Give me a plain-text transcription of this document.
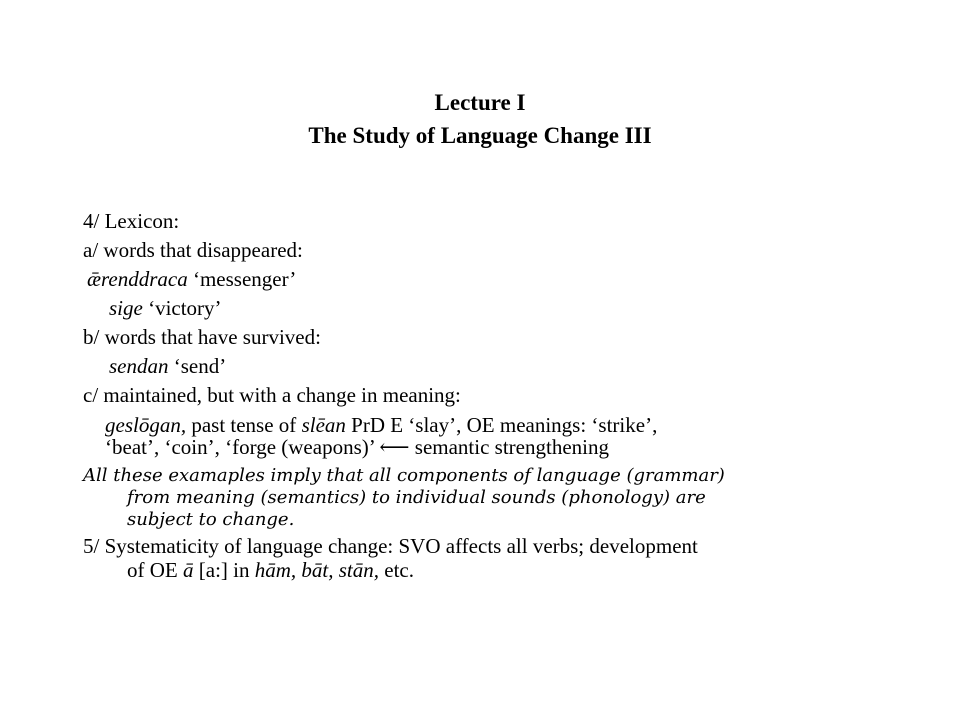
Lecture I
The Study of Language Change III

4/ Lexicon:

a/ words that disappeared:

ǣrenddraca ‘messenger’

sige ‘victory’

b/ words that have survived:

sendan ‘send’

c/ maintained, but with a change in meaning:

geslōgan, past tense of slēan PrD E ‘slay’, OE meanings: ‘strike’,
‘beat’, ‘coin’, ‘forge (weapons)’ ⟵ semantic strengthening
All these examaples imply that all components of language (grammar)
from meaning (semantics) to individual sounds (phonology) are
subject to change.
5/ Systematicity of language change: SVO affects all verbs; development
of OE ā [a:] in hām, bāt, stān, etc.
